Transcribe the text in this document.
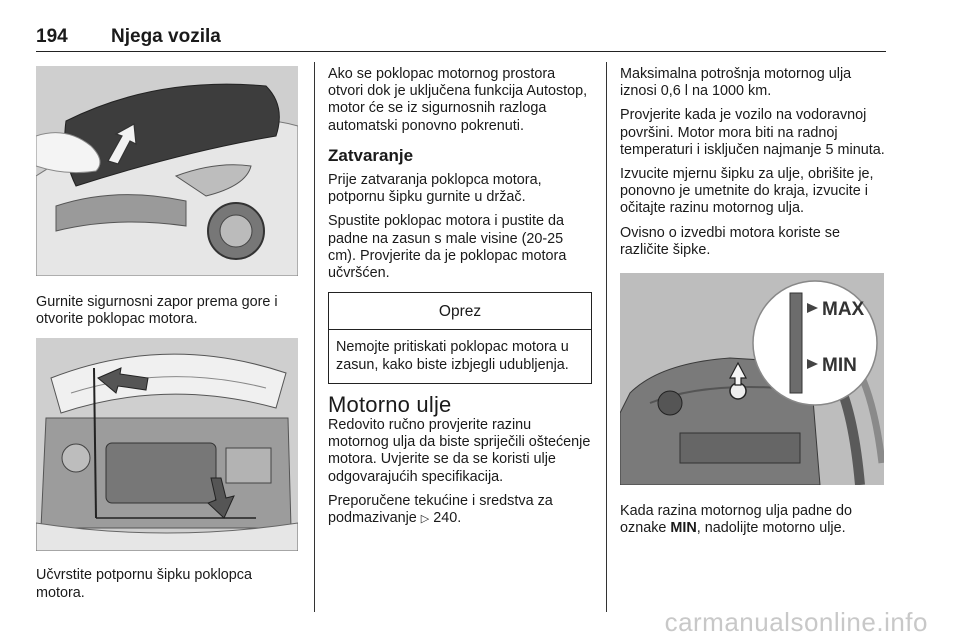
194 Njega vozila

Gurnite sigurnosni zapor prema gore i otvorite poklopac motora.

Učvrstite potpornu šipku poklopca motora.

Ako se poklopac motornog prostora otvori dok je uključena funkcija Autostop, motor će se iz sigurnosnih razloga automatski ponovno pokrenuti.

Zatvaranje

Prije zatvaranja poklopca motora, potpornu šipku gurnite u držač.

Spustite poklopac motora i pustite da padne na zasun s male visine (20-25 cm). Provjerite da je poklopac motora učvršćen.

Oprez
Nemojte pritiskati poklopac motora u zasun, kako biste izbjegli udubljenja.
Motorno ulje

Redovito ručno provjerite razinu motornog ulja da biste spriječili oštećenje motora. Uvjerite se da se koristi ulje odgovarajućih specifikacija.

Preporučene tekućine i sredstva za podmazivanje ▷ 240.

Maksimalna potrošnja motornog ulja iznosi 0,6 l na 1000 km.

Provjerite kada je vozilo na vodoravnoj površini. Motor mora biti na radnoj temperaturi i isključen najmanje 5 minuta.

Izvucite mjernu šipku za ulje, obrišite je, ponovno je umetnite do kraja, izvucite i očitajte razinu motornog ulja.

Ovisno o izvedbi motora koriste se različite šipke.

MAX
MIN

Kada razina motornog ulja padne do oznake MIN, nadolijte motorno ulje.

carmanualsonline.info
